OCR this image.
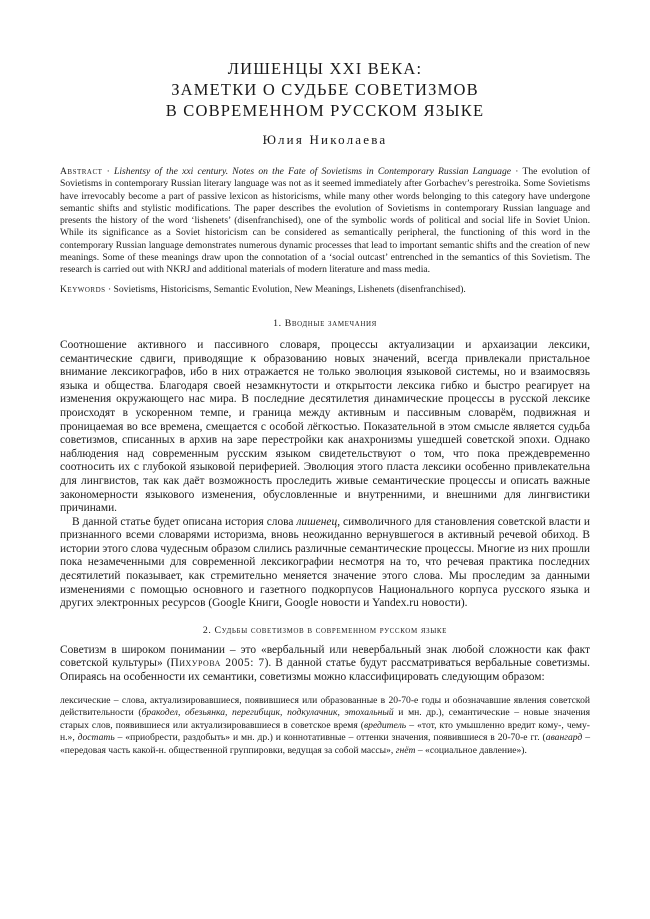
ЛИШЕНЦЫ XXI ВЕКА:
ЗАМЕТКИ О СУДЬБЕ СОВЕТИЗМОВ
В СОВРЕМЕННОМ РУССКОМ ЯЗЫКЕ
Юлия Николаева
Abstract · Lishentsy of the xxi century. Notes on the Fate of Sovietisms in Contemporary Russian Language · The evolution of Sovietisms in contemporary Russian literary language was not as it seemed immediately after Gorbachev’s perestroika. Some Sovietisms have irrevocably become a part of passive lexicon as historicisms, while many other words belonging to this category have undergone semantic shifts and stylistic modifications. The paper describes the evolution of Sovietisms in contemporary Russian language and presents the history of the word ‘lishenets’ (disenfranchised), one of the symbolic words of political and social life in Soviet Union. While its significance as a Soviet historicism can be considered as semantically peripheral, the functioning of this word in the contemporary Russian language demonstrates numerous dynamic processes that lead to important semantic shifts and the creation of new meanings. Some of these meanings draw upon the connotation of a ‘social outcast’ entrenched in the semantics of this Sovietism. The research is carried out with NKRJ and additional materials of modern literature and mass media.
Keywords · Sovietisms, Historicisms, Semantic Evolution, New Meanings, Lishenets (disenfranchised).
1. Вводные замечания

Соотношение активного и пассивного словаря, процессы актуализации и архаизации лексики, семантические сдвиги, приводящие к образованию новых значений, всегда привлекали пристальное внимание лексикографов, ибо в них отражается не только эволюция языковой системы, но и взаимосвязь языка и общества. Благодаря своей незамкнутости и открытости лексика гибко и быстро реагирует на изменения окружающего нас мира. В последние десятилетия динамические процессы в русской лексике происходят в ускоренном темпе, и граница между активным и пассивным словарём, подвижная и проницаемая во все времена, смещается с особой лёгкостью. Показательной в этом смысле является судьба советизмов, списанных в архив на заре перестройки как анахронизмы ушедшей советской эпохи. Однако наблюдения над современным русским языком свидетельствуют о том, что пока преждевременно соотносить их с глубокой языковой периферией. Эволюция этого пласта лексики особенно привлекательна для лингвистов, так как даёт возможность проследить живые семантические процессы и описать важные закономерности языкового изменения, обусловленные и внутренними, и внешними для лингвистики причинами.

В данной статье будет описана история слова лишенец, символичного для становления советской власти и признанного всеми словарями историзма, вновь неожиданно вернувшегося в активный речевой обиход. В истории этого слова чудесным образом слились различные семантические процессы. Многие из них прошли пока незамеченными для современной лексикографии несмотря на то, что речевая практика последних десятилетий показывает, как стремительно меняется значение этого слова. Мы проследим за данными изменениями с помощью основного и газетного подкорпусов Национального корпуса русского языка и других электронных ресурсов (Google Книги, Google новости и Yandex.ru новости).

2. Судьбы советизмов в современном русском языке

Советизм в широком понимании – это «вербальный или невербальный знак любой сложности как факт советской культуры» (Пихурова 2005: 7). В данной статье будут рассматриваться вербальные советизмы. Опираясь на особенности их семантики, советизмы можно классифицировать следующим образом:

лексические – слова, актуализировавшиеся, появившиеся или образованные в 20-70-е годы и обозначавшие явления советской действительности (бракодел, обезьянка, перегибщик, подкулачник, этохальный и мн. др.), семантические – новые значения старых слов, появившиеся или актуализировавшиеся в советское время (вредитель – «тот, кто умышленно вредит кому-, чему-н.», достать – «приобрести, раздобыть» и мн. др.) и коннотативные – оттенки значения, появившиеся в 20-70-е гг. (авангард – «передовая часть какой-н. общественной группировки, ведущая за собой массы», гнёт – «социальное давление»).
